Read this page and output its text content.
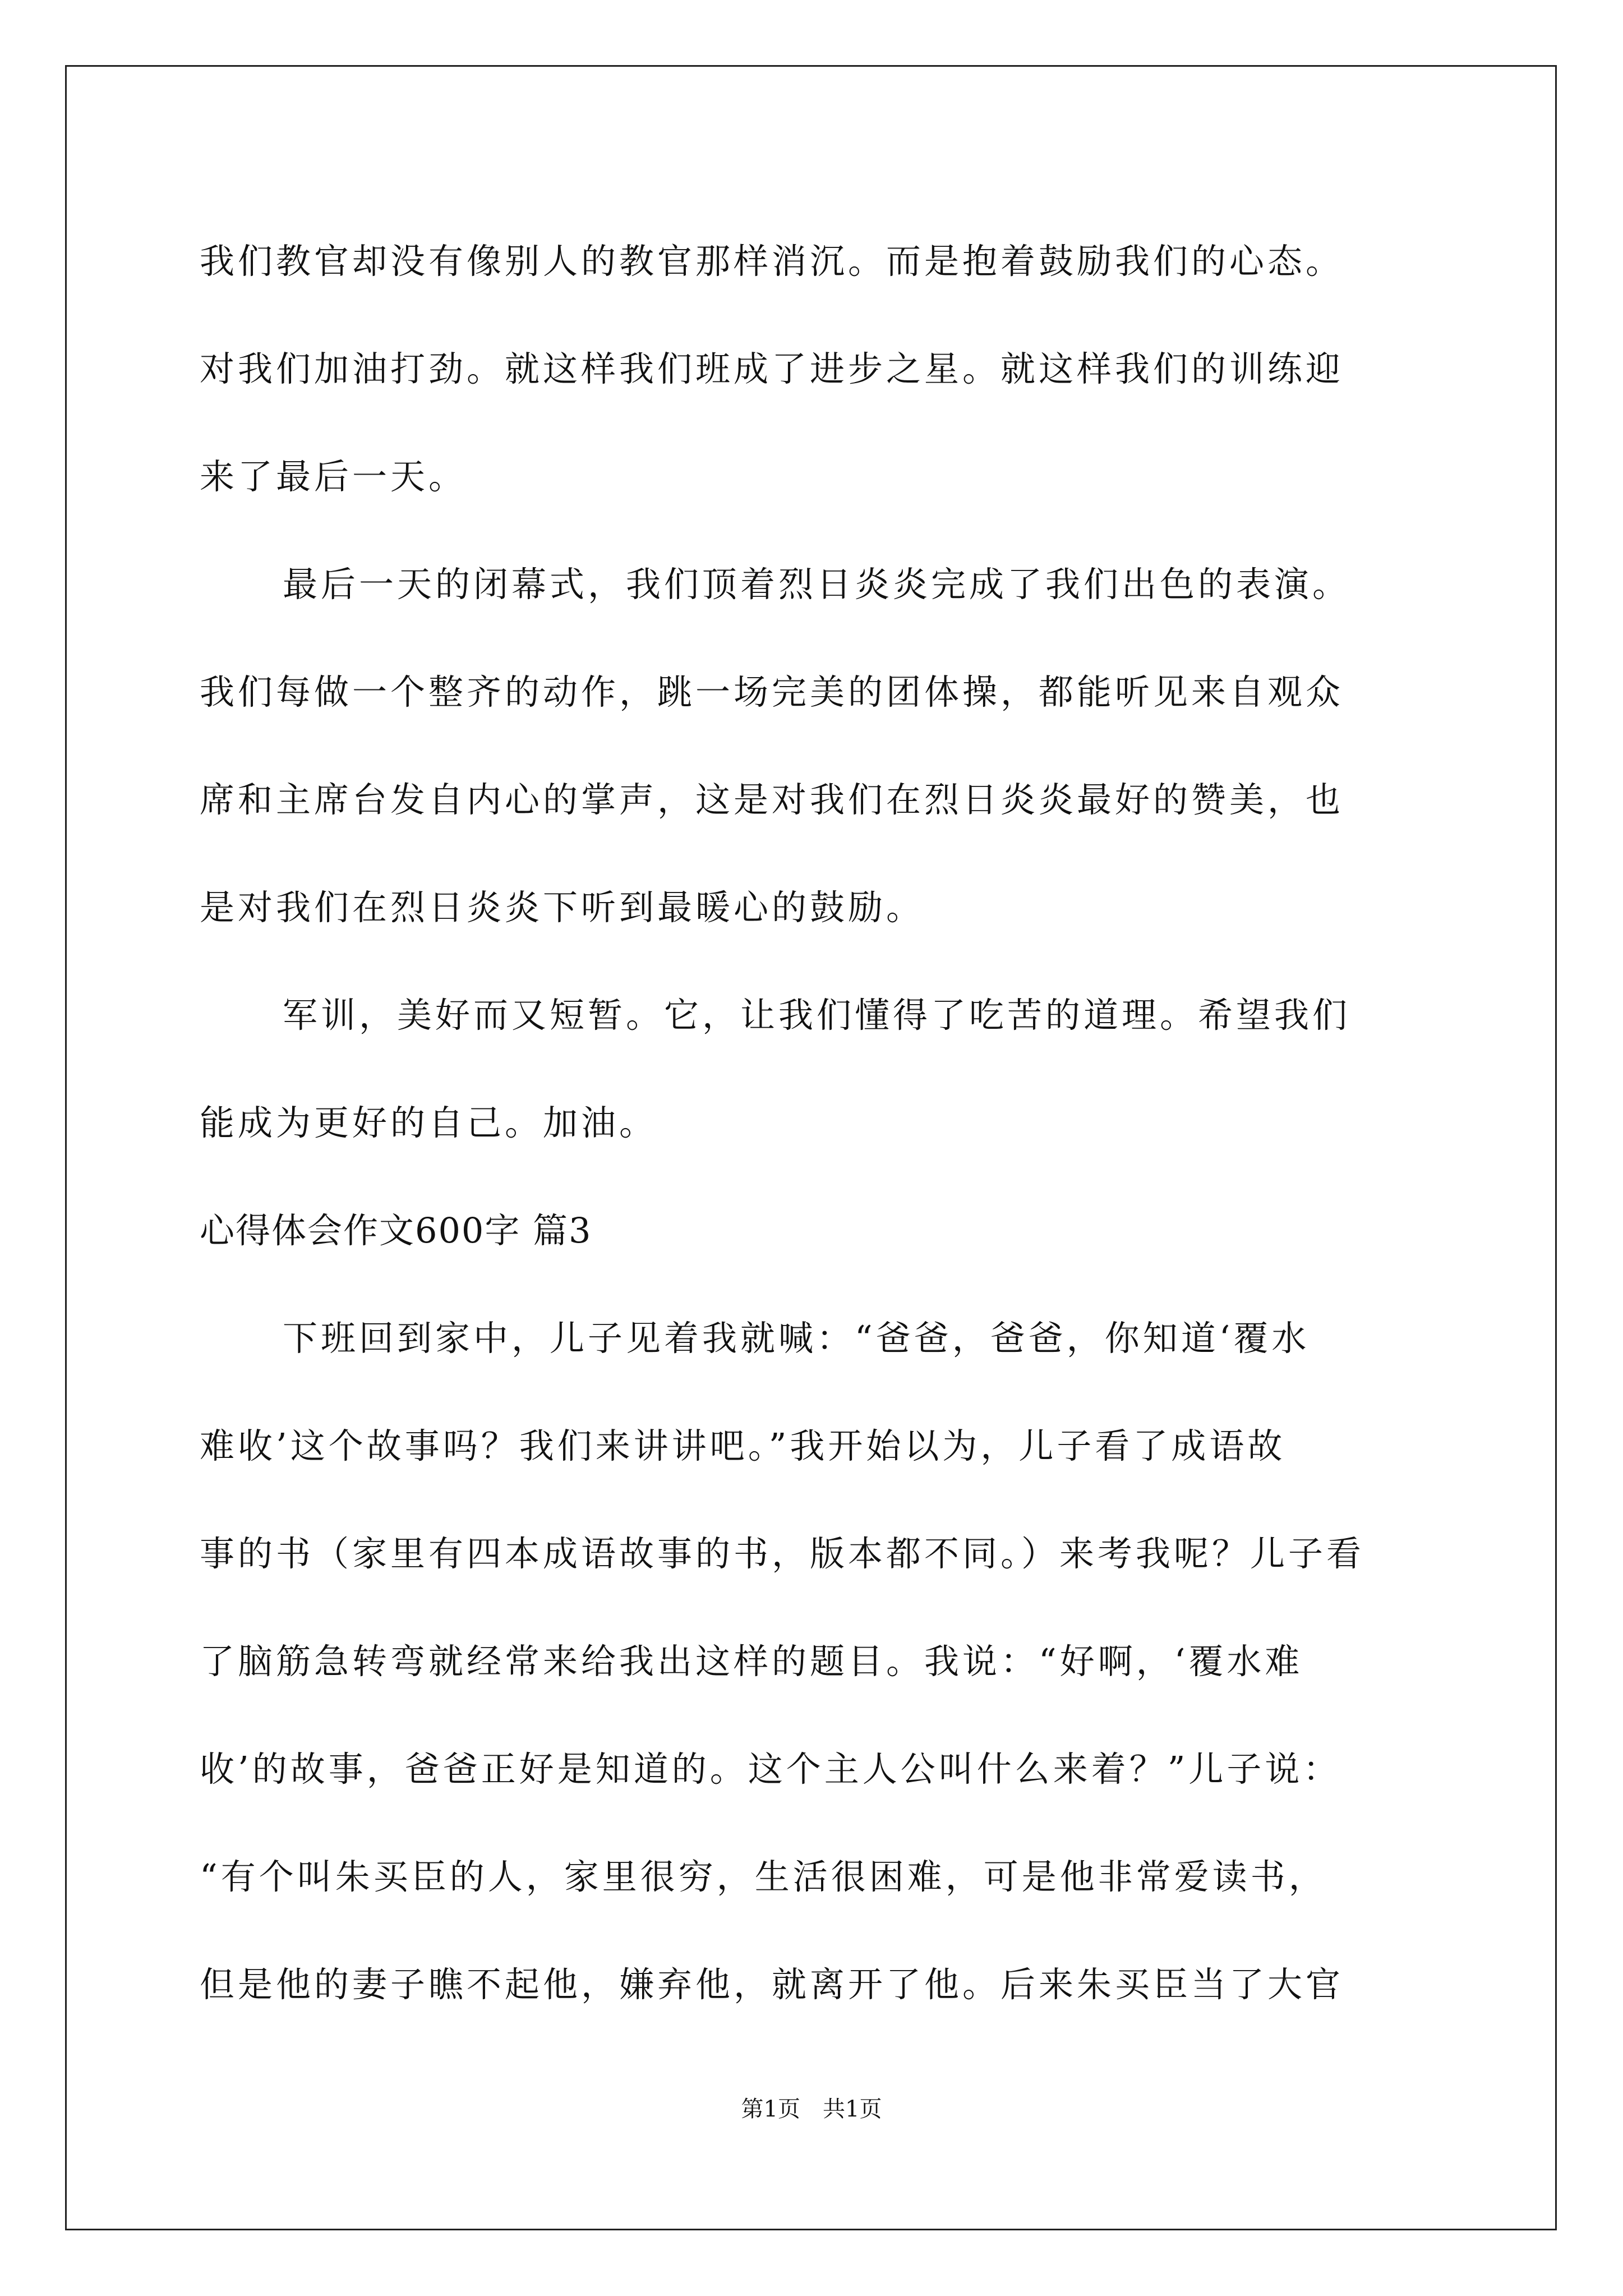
我们教官却没有像别人的教官那样消沉。而是抱着鼓励我们的心态。
对我们加油打劲。就这样我们班成了进步之星。就这样我们的训练迎
来了最后一天。
最后一天的闭幕式，我们顶着烈日炎炎完成了我们出色的表演。
我们每做一个整齐的动作，跳一场完美的团体操，都能听见来自观众
席和主席台发自内心的掌声，这是对我们在烈日炎炎最好的赞美，也
是对我们在烈日炎炎下听到最暖心的鼓励。
军训，美好而又短暂。它，让我们懂得了吃苦的道理。希望我们
能成为更好的自己。加油。
心得体会作文600字 篇3
下班回到家中，儿子见着我就喊：“爸爸，爸爸，你知道‘覆水
难收’这个故事吗？我们来讲讲吧。”我开始以为，儿子看了成语故
事的书（家里有四本成语故事的书，版本都不同。）来考我呢？儿子看
了脑筋急转弯就经常来给我出这样的题目。我说：“好啊，‘覆水难
收’的故事，爸爸正好是知道的。这个主人公叫什么来着？”儿子说：
“有个叫朱买臣的人，家里很穷，生活很困难，可是他非常爱读书，
但是他的妻子瞧不起他，嫌弃他，就离开了他。后来朱买臣当了大官
第1页　共1页
